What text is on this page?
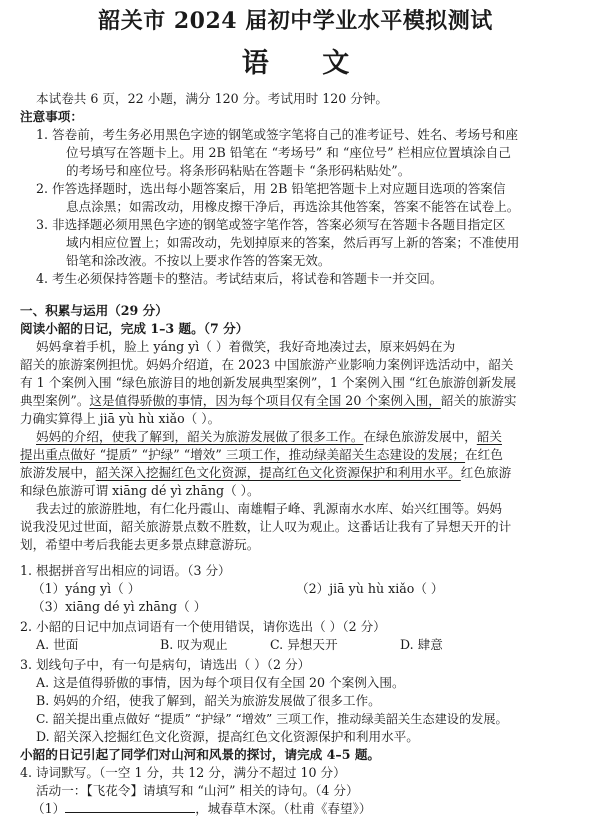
韶关市 2024 届初中学业水平模拟测试
语 文
本试卷共 6 页，22 小题，满分 120 分。考试用时 120 分钟。
注意事项：
1. 答卷前，考生务必用黑色字迹的钢笔或签字笔将自己的准考证号、姓名、考场号和座
位号填写在答题卡上。用 2B 铅笔在 “考场号” 和 “座位号” 栏相应位置填涂自己
的考场号和座位号。将条形码粘贴在答题卡 “条形码粘贴处”。
2. 作答选择题时，选出每小题答案后，用 2B 铅笔把答题卡上对应题目选项的答案信
息点涂黑；如需改动，用橡皮擦干净后，再选涂其他答案，答案不能答在试卷上。
3. 非选择题必须用黑色字迹的钢笔或签字笔作答，答案必须写在答题卡各题目指定区
域内相应位置上；如需改动，先划掉原来的答案，然后再写上新的答案；不准使用
铅笔和涂改液。不按以上要求作答的答案无效。
4. 考生必须保持答题卡的整洁。考试结束后，将试卷和答题卡一并交回。
一、积累与运用（29 分）
阅读小韶的日记，完成 1–3 题。（7 分）
妈妈拿着手机，脸上 yáng yì（ ）着微笑，我好奇地凑过去，原来妈妈在为
韶关的旅游案例担忧。妈妈介绍道，在 2023 中国旅游产业影响力案例评选活动中，韶关
有 1 个案例入围 “绿色旅游目的地创新发展典型案例”，1 个案例入围 “红色旅游创新发展
典型案例”。这是值得骄傲的事情，因为每个项目仅有全国 20 个案例入围，韶关的旅游实
力确实算得上 jiā yù hù xiǎo（ ）。
妈妈的介绍，使我了解到，韶关为旅游发展做了很多工作。在绿色旅游发展中，韶关
提出重点做好 “提质” “护绿” “增效” 三项工作，推动绿美韶关生态建设的发展；在红色
旅游发展中，韶关深入挖掘红色文化资源，提高红色文化资源保护和利用水平。红色旅游
和绿色旅游可谓 xiāng dé yì zhāng（ ）。
我去过的旅游胜地，有仁化丹霞山、南雄帽子峰、乳源南水水库、始兴红围等。妈妈
说我没见过世面，韶关旅游景点数不胜数，让人叹为观止。这番话让我有了异想天开的计
划，希望中考后我能去更多景点肆意游玩。
1. 根据拼音写出相应的词语。（3 分）
（1）yáng yì（ ）	（2）jiā yù hù xiǎo（ ）
（3）xiāng dé yì zhāng（ ）
2. 小韶的日记中加点词语有一个使用错误，请你选出（ ）（2 分）
A. 世面	B. 叹为观止	C. 异想天开	D. 肆意
3. 划线句子中，有一句是病句，请选出（ ）（2 分）
A. 这是值得骄傲的事情，因为每个项目仅有全国 20 个案例入围。
B. 妈妈的介绍，使我了解到，韶关为旅游发展做了很多工作。
C. 韶关提出重点做好 “提质” “护绿” “增效” 三项工作，推动绿美韶关生态建设的发展。
D. 韶关深入挖掘红色文化资源，提高红色文化资源保护和利用水平。
小韶的日记引起了同学们对山河和风景的探讨，请完成 4–5 题。
4. 诗词默写。（一空 1 分，共 12 分，满分不超过 10 分）
活动一：【飞花令】请填写和 “山河” 相关的诗句。（4 分）
（1）	，城春草木深。（杜甫《春望》）
